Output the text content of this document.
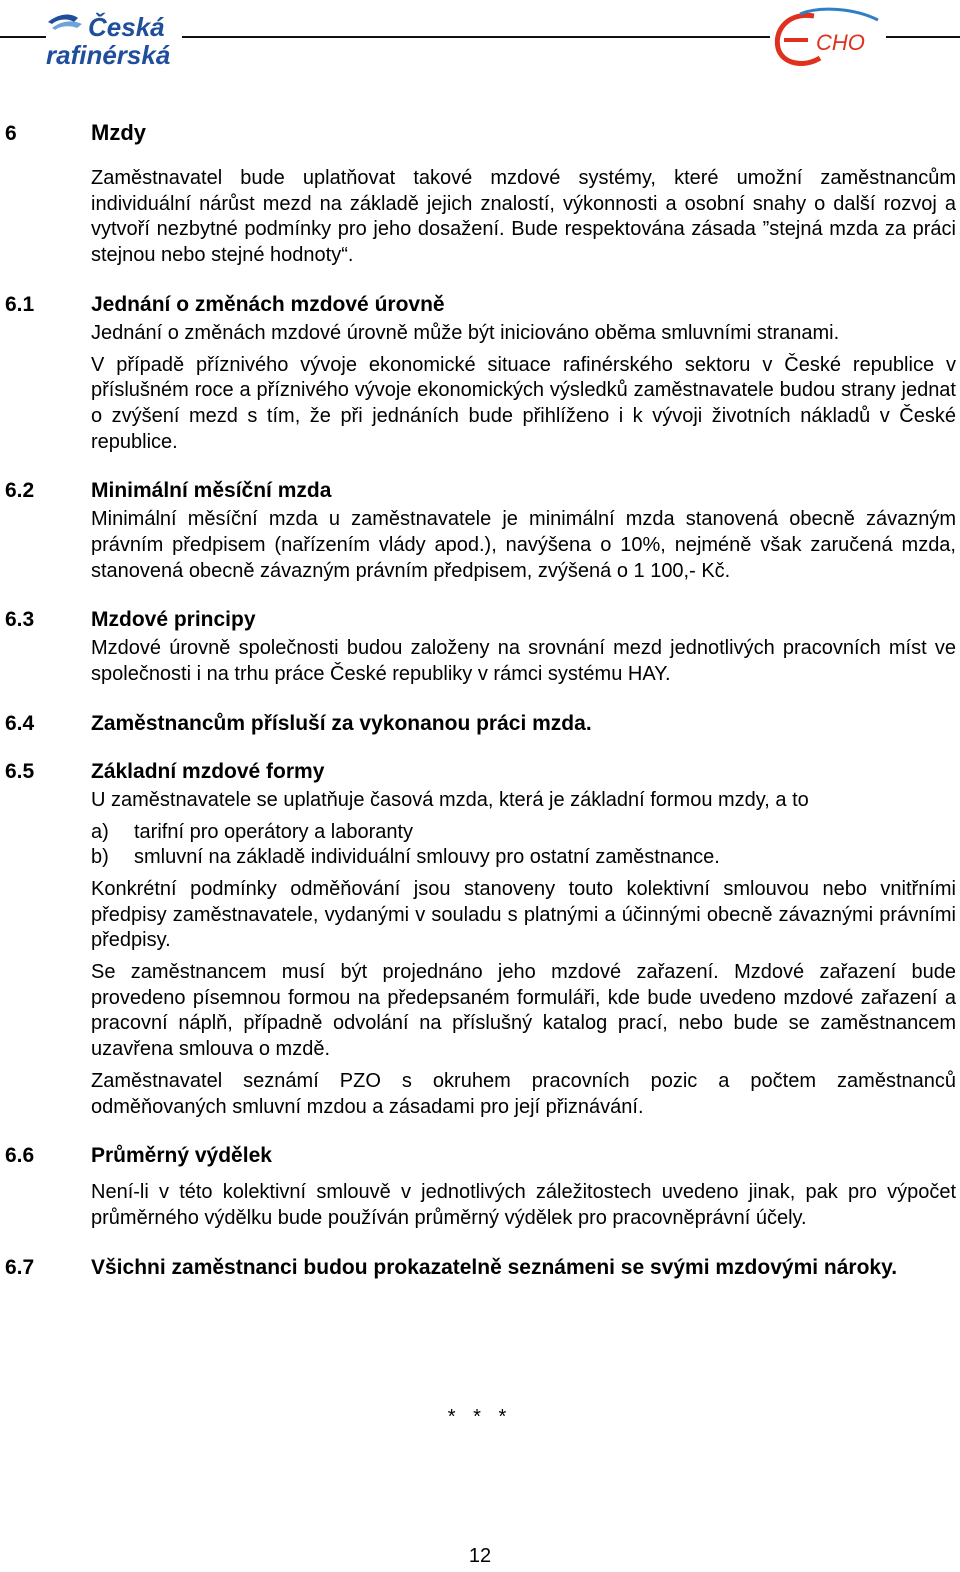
Česká
rafinérská	CHO
6	Mzdy
Zaměstnavatel bude uplatňovat takové mzdové systémy, které umožní zaměstnancům individuální nárůst mezd na základě jejich znalostí, výkonnosti a osobní snahy o další rozvoj a vytvoří nezbytné podmínky pro jeho dosažení. Bude respektována zásada ”stejná mzda za práci stejnou nebo stejné hodnoty“.
6.1	Jednání o změnách mzdové úrovně
Jednání o změnách mzdové úrovně může být iniciováno oběma smluvními stranami.
V případě příznivého vývoje ekonomické situace rafinérského sektoru v České republice v příslušném roce a příznivého vývoje ekonomických výsledků zaměstnavatele budou strany jednat o zvýšení mezd s tím, že při jednáních bude přihlíženo i k vývoji životních nákladů v České republice.
6.2	Minimální měsíční mzda
Minimální měsíční mzda u zaměstnavatele je minimální mzda stanovená obecně závazným právním předpisem (nařízením vlády apod.), navýšena o 10%, nejméně však zaručená mzda, stanovená obecně závazným právním předpisem, zvýšená o 1 100,- Kč.
6.3	Mzdové principy
Mzdové úrovně společnosti budou založeny na srovnání mezd jednotlivých pracovních míst ve společnosti i na trhu práce České republiky v rámci systému HAY.
6.4	Zaměstnancům přísluší za vykonanou práci mzda.
6.5	Základní mzdové formy
U zaměstnavatele se uplatňuje časová mzda, která je základní formou mzdy, a to
a)	tarifní pro operátory a laboranty
b)	smluvní na základě individuální smlouvy pro ostatní zaměstnance.
Konkrétní podmínky odměňování jsou stanoveny touto kolektivní smlouvou nebo vnitřními předpisy zaměstnavatele, vydanými v souladu s platnými a účinnými obecně závaznými právními předpisy.
Se zaměstnancem musí být projednáno jeho mzdové zařazení. Mzdové zařazení bude provedeno písemnou formou na předepsaném formuláři, kde bude uvedeno mzdové zařazení a pracovní náplň, případně odvolání na příslušný katalog prací, nebo bude se zaměstnancem uzavřena smlouva o mzdě.
Zaměstnavatel seznámí PZO s okruhem pracovních pozic a počtem zaměstnanců odměňovaných smluvní mzdou a zásadami pro její přiznávání.
6.6	Průměrný výdělek
Není-li v této kolektivní smlouvě v jednotlivých záležitostech uvedeno jinak, pak pro výpočet průměrného výdělku bude používán průměrný výdělek pro pracovněprávní účely.
6.7	Všichni zaměstnanci budou prokazatelně seznámeni se svými mzdovými nároky.
* * *
12
